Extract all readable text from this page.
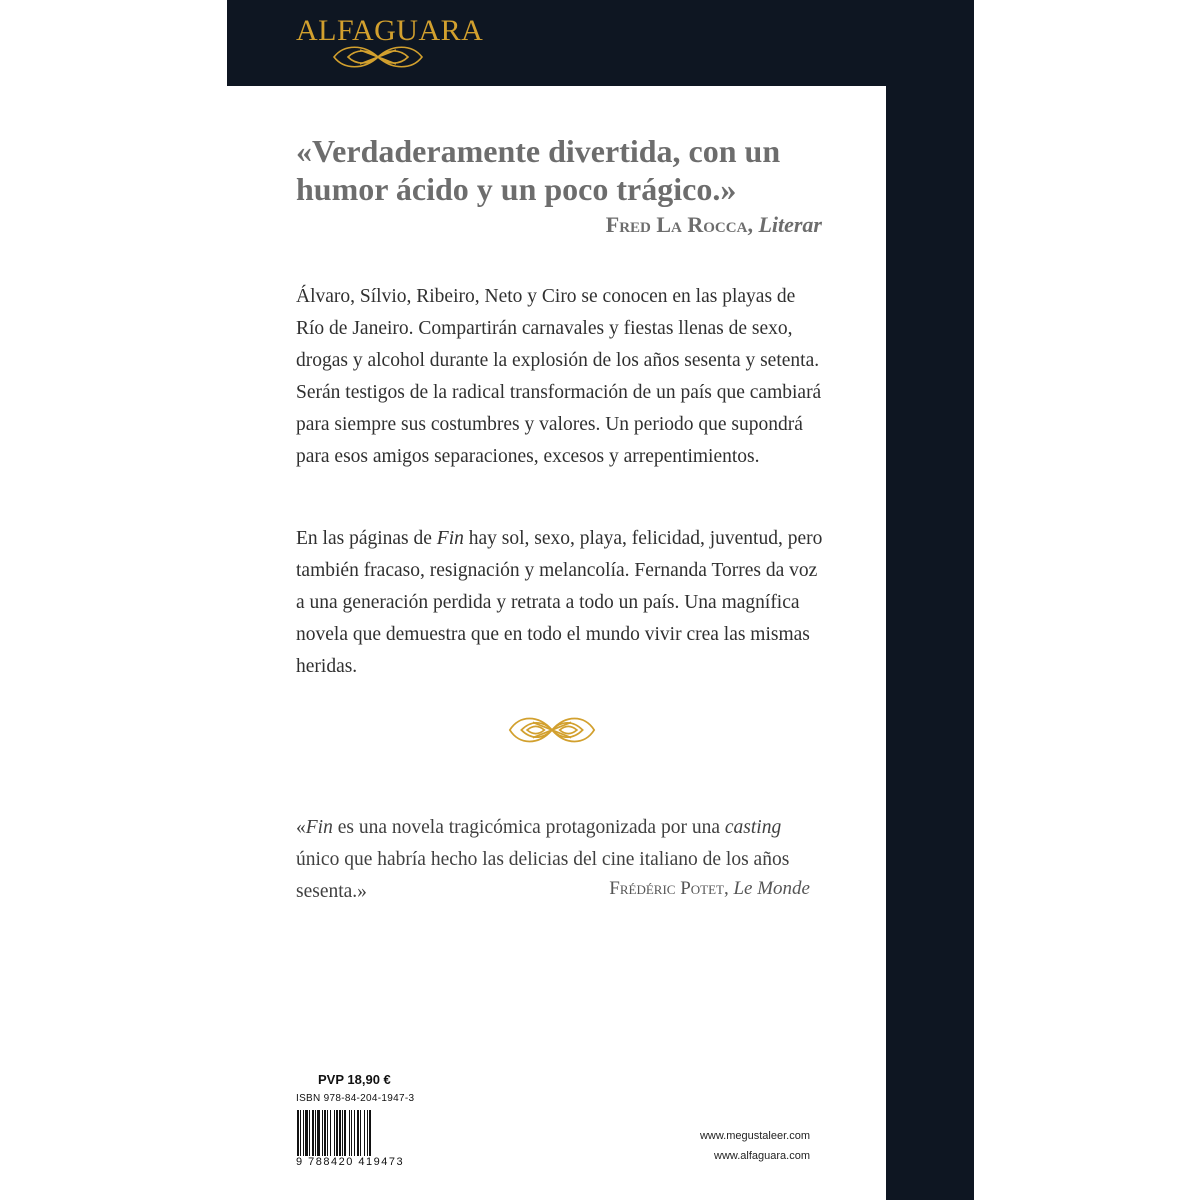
ALFAGUARA
«Verdaderamente divertida, con un humor ácido y un poco trágico.»
Fred La Rocca, Literar
Álvaro, Sílvio, Ribeiro, Neto y Ciro se conocen en las playas de Río de Janeiro. Compartirán carnavales y fiestas llenas de sexo, drogas y alcohol durante la explosión de los años sesenta y setenta. Serán testigos de la radical transformación de un país que cambiará para siempre sus costumbres y valores. Un periodo que supondrá para esos amigos separaciones, excesos y arrepentimientos.
En las páginas de Fin hay sol, sexo, playa, felicidad, juventud, pero también fracaso, resignación y melancolía. Fernanda Torres da voz a una generación perdida y retrata a todo un país. Una magnífica novela que demuestra que en todo el mundo vivir crea las mismas heridas.
«Fin es una novela tragicómica protagonizada por una casting único que habría hecho las delicias del cine italiano de los años sesenta.»	Frédéric Potet, Le Monde
PVP 18,90 €
ISBN 978-84-204-1947-3
9 788420 419473
www.megustaleer.com
www.alfaguara.com
